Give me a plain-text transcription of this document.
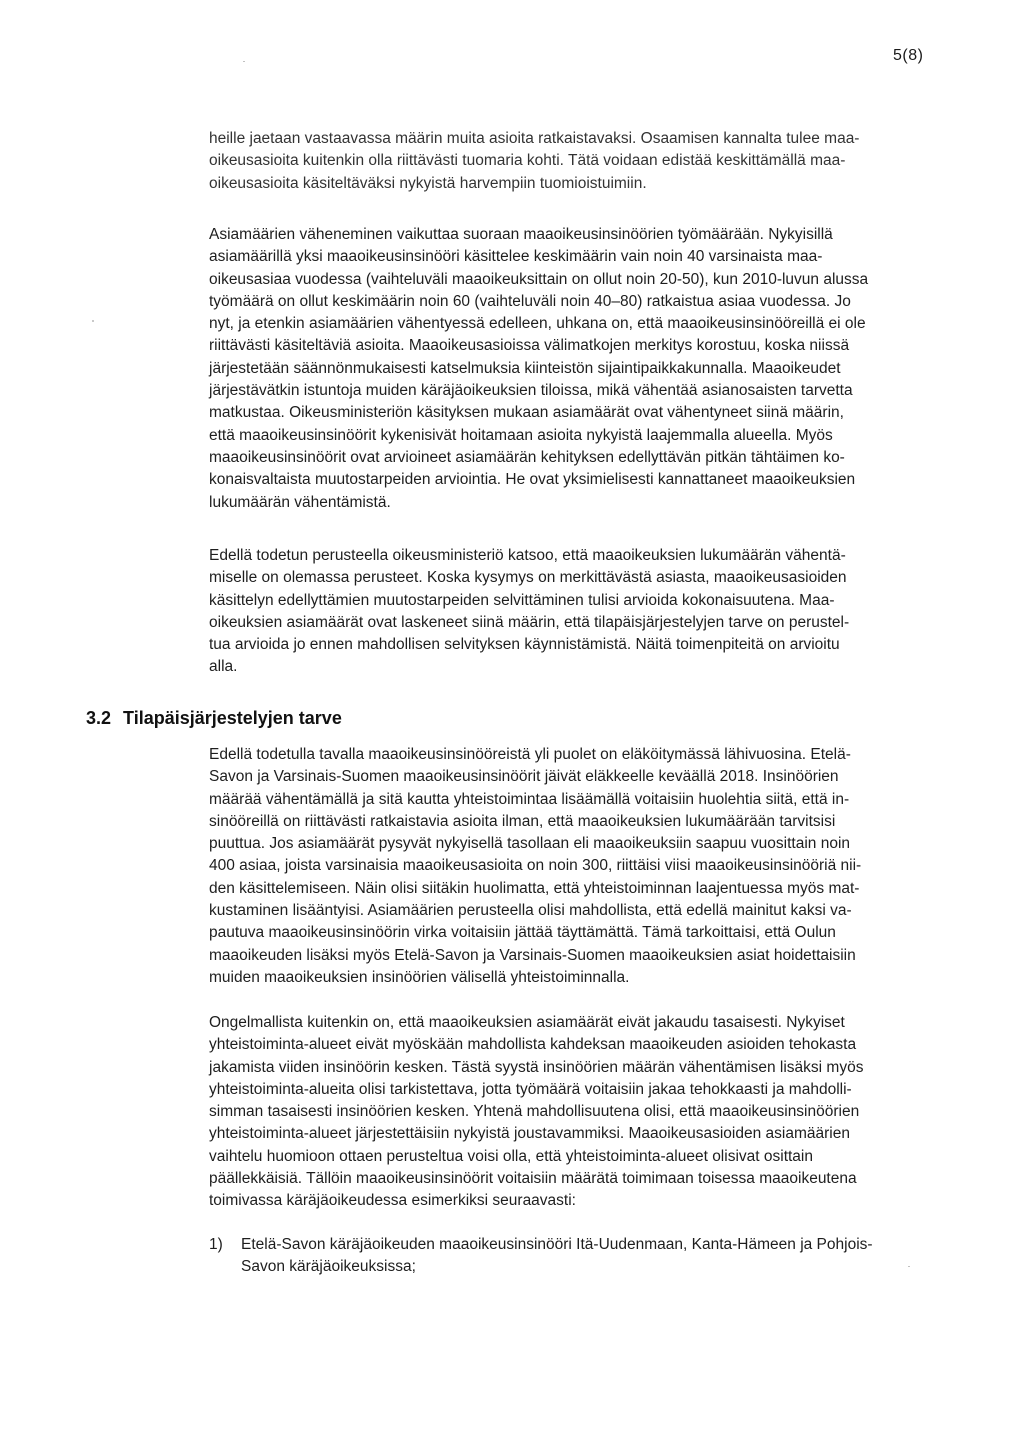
5(8)

heille jaetaan vastaavassa määrin muita asioita ratkaistavaksi. Osaamisen kannalta tulee maa-
oikeusasioita kuitenkin olla riittävästi tuomaria kohti. Tätä voidaan edistää keskittämällä maa-
oikeusasioita käsiteltäväksi nykyistä harvempiin tuomioistuimiin.

Asiamäärien väheneminen vaikuttaa suoraan maaoikeusinsinöörien työmäärään. Nykyisillä
asiamäärillä yksi maaoikeusinsinööri käsittelee keskimäärin vain noin 40 varsinaista maa-
oikeusasiaa vuodessa (vaihteluväli maaoikeuksittain on ollut noin 20-50), kun 2010-luvun alussa
työmäärä on ollut keskimäärin noin 60 (vaihteluväli noin 40–80) ratkaistua asiaa vuodessa. Jo
nyt, ja etenkin asiamäärien vähentyessä edelleen, uhkana on, että maaoikeusinsinööreillä ei ole
riittävästi käsiteltäviä asioita. Maaoikeusasioissa välimatkojen merkitys korostuu, koska niissä
järjestetään säännönmukaisesti katselmuksia kiinteistön sijaintipaikkakunnalla. Maaoikeudet
järjestävätkin istuntoja muiden käräjäoikeuksien tiloissa, mikä vähentää asianosaisten tarvetta
matkustaa. Oikeusministeriön käsityksen mukaan asiamäärät ovat vähentyneet siinä määrin,
että maaoikeusinsinöörit kykenisivät hoitamaan asioita nykyistä laajemmalla alueella. Myös
maaoikeusinsinöörit ovat arvioineet asiamäärän kehityksen edellyttävän pitkän tähtäimen ko-
konaisvaltaista muutostarpeiden arviointia. He ovat yksimielisesti kannattaneet maaoikeuksien
lukumäärän vähentämistä.

Edellä todetun perusteella oikeusministeriö katsoo, että maaoikeuksien lukumäärän vähentä-
miselle on olemassa perusteet. Koska kysymys on merkittävästä asiasta, maaoikeusasioiden
käsittelyn edellyttämien muutostarpeiden selvittäminen tulisi arvioida kokonaisuutena. Maa-
oikeuksien asiamäärät ovat laskeneet siinä määrin, että tilapäisjärjestelyjen tarve on perustel-
tua arvioida jo ennen mahdollisen selvityksen käynnistämistä. Näitä toimenpiteitä on arvioitu
alla.

3.2 Tilapäisjärjestelyjen tarve

Edellä todetulla tavalla maaoikeusinsinööreistä yli puolet on eläköitymässä lähivuosina. Etelä-
Savon ja Varsinais-Suomen maaoikeusinsinöörit jäivät eläkkeelle keväällä 2018. Insinöörien
määrää vähentämällä ja sitä kautta yhteistoimintaa lisäämällä voitaisiin huolehtia siitä, että in-
sinööreillä on riittävästi ratkaistavia asioita ilman, että maaoikeuksien lukumäärään tarvitsisi
puuttua. Jos asiamäärät pysyvät nykyisellä tasollaan eli maaoikeuksiin saapuu vuosittain noin
400 asiaa, joista varsinaisia maaoikeusasioita on noin 300, riittäisi viisi maaoikeusinsinööriä nii-
den käsittelemiseen. Näin olisi siitäkin huolimatta, että yhteistoiminnan laajentuessa myös mat-
kustaminen lisääntyisi. Asiamäärien perusteella olisi mahdollista, että edellä mainitut kaksi va-
pautuva maaoikeusinsinöörin virka voitaisiin jättää täyttämättä. Tämä tarkoittaisi, että Oulun
maaoikeuden lisäksi myös Etelä-Savon ja Varsinais-Suomen maaoikeuksien asiat hoidettaisiin
muiden maaoikeuksien insinöörien välisellä yhteistoiminnalla.

Ongelmallista kuitenkin on, että maaoikeuksien asiamäärät eivät jakaudu tasaisesti. Nykyiset
yhteistoiminta-alueet eivät myöskään mahdollista kahdeksan maaoikeuden asioiden tehokasta
jakamista viiden insinöörin kesken. Tästä syystä insinöörien määrän vähentämisen lisäksi myös
yhteistoiminta-alueita olisi tarkistettava, jotta työmäärä voitaisiin jakaa tehokkaasti ja mahdolli-
simman tasaisesti insinöörien kesken. Yhtenä mahdollisuutena olisi, että maaoikeusinsinöörien
yhteistoiminta-alueet järjestettäisiin nykyistä joustavammiksi. Maaoikeusasioiden asiamäärien
vaihtelu huomioon ottaen perusteltua voisi olla, että yhteistoiminta-alueet olisivat osittain
päällekkäisiä. Tällöin maaoikeusinsinöörit voitaisiin määrätä toimimaan toisessa maaoikeutena
toimivassa käräjäoikeudessa esimerkiksi seuraavasti:

1)	Etelä-Savon käräjäoikeuden maaoikeusinsinööri Itä-Uudenmaan, Kanta-Hämeen ja Pohjois-
Savon käräjäoikeuksissa;
